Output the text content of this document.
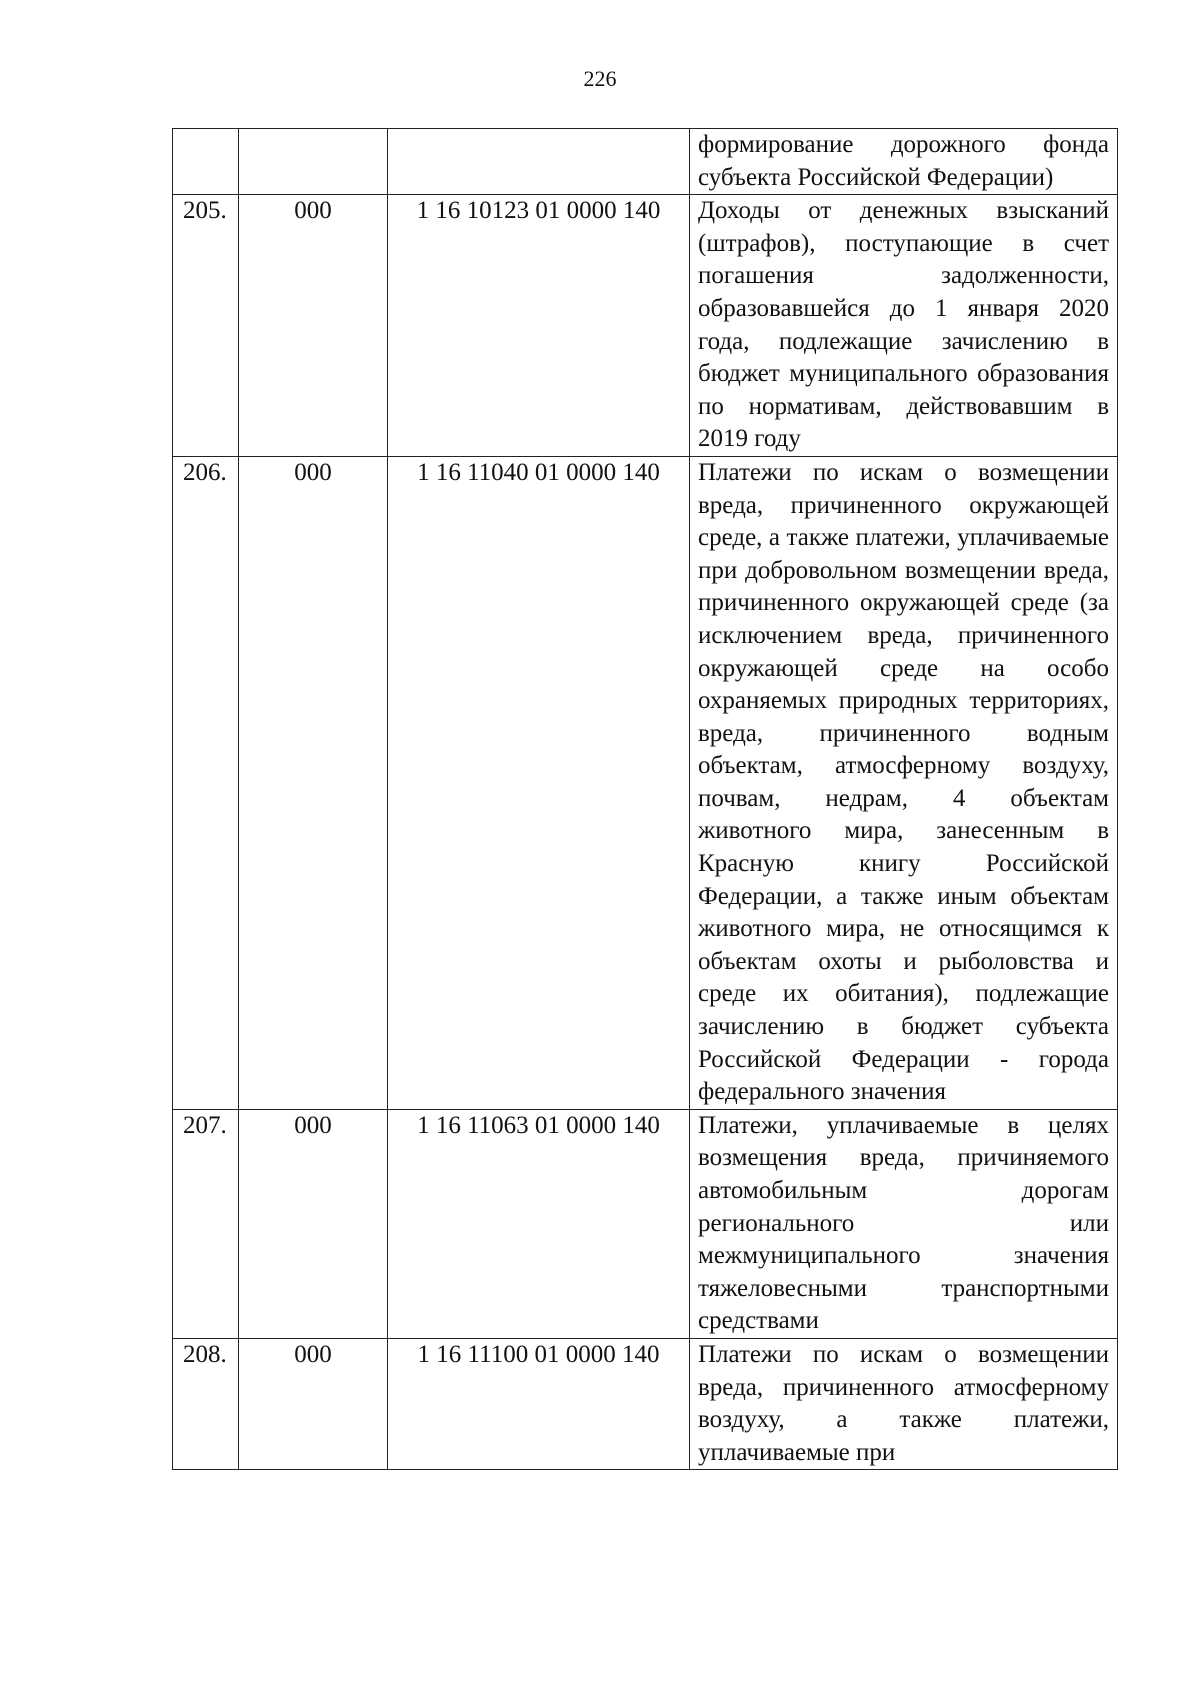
226
			формирование дорожного фонда субъекта Российской Федерации)
205.	000	1 16 10123 01 0000 140	Доходы от денежных взысканий (штрафов), поступающие в счет погашения задолженности, образовавшейся до 1 января 2020 года, подлежащие зачислению в бюджет муниципального образования по нормативам, действовавшим в 2019 году
206.	000	1 16 11040 01 0000 140	Платежи по искам о возмещении вреда, причиненного окружающей среде, а также платежи, уплачиваемые при добровольном возмещении вреда, причиненного окружающей среде (за исключением вреда, причиненного окружающей среде на особо охраняемых природных территориях, вреда, причиненного водным объектам, атмосферному воздуху, почвам, недрам, 4 объектам животного мира, занесенным в Красную книгу Российской Федерации, а также иным объектам животного мира, не относящимся к объектам охоты и рыболовства и среде их обитания), подлежащие зачислению в бюджет субъекта Российской Федерации - города федерального значения
207.	000	1 16 11063 01 0000 140	Платежи, уплачиваемые в целях возмещения вреда, причиняемого автомобильным дорогам регионального или межмуниципального значения тяжеловесными транспортными средствами
208.	000	1 16 11100 01 0000 140	Платежи по искам о возмещении вреда, причиненного атмосферному воздуху, а также платежи, уплачиваемые при
